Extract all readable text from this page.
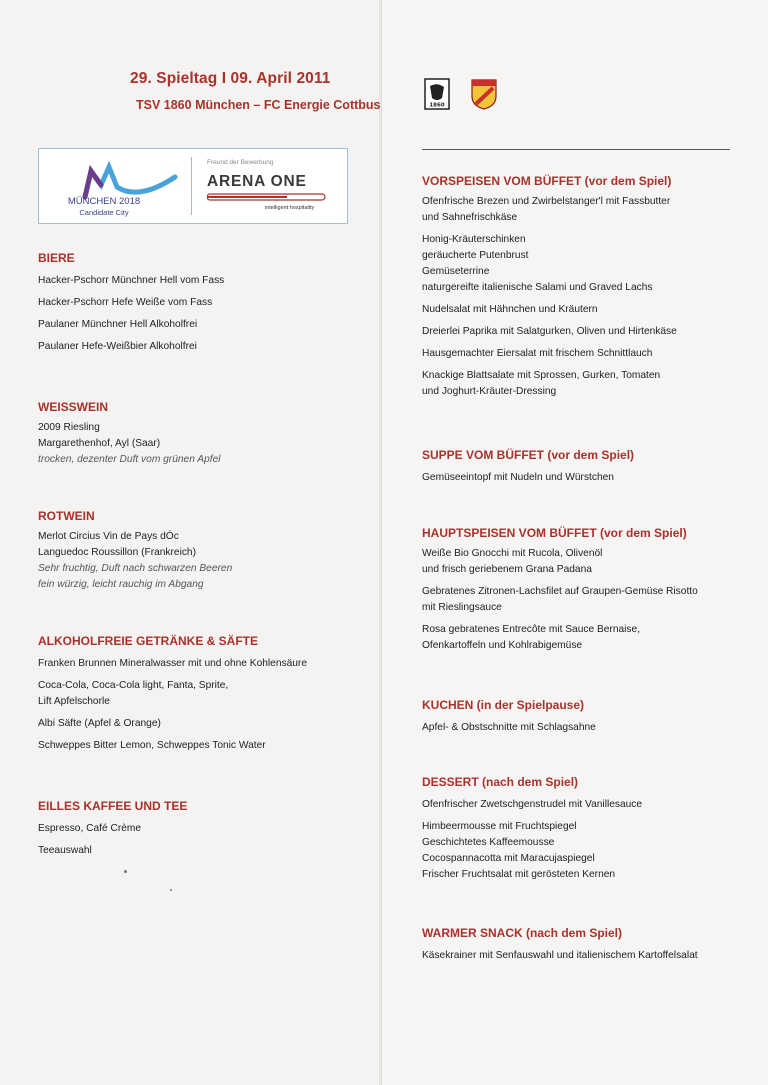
29. Spieltag I 09. April 2011
TSV 1860 München – FC Energie Cottbus
MÜNCHEN 2018
Candidate City
Freund der Bewerbung
ARENA ONE
intelligent hospitality
1860
BIERE
Hacker-Pschorr Münchner Hell vom Fass
Hacker-Pschorr Hefe Weiße vom Fass
Paulaner Münchner Hell Alkoholfrei
Paulaner Hefe-Weißbier Alkoholfrei
WEISSWEIN
2009 Riesling
Margarethenhof, Ayl (Saar)
trocken, dezenter Duft vom grünen Apfel
ROTWEIN
Merlot Circius Vin de Pays dÓc
Languedoc Roussillon (Frankreich)
Sehr fruchtig, Duft nach schwarzen Beeren
fein würzig, leicht rauchig im Abgang
ALKOHOLFREIE GETRÄNKE & SÄFTE
Franken Brunnen Mineralwasser mit und ohne Kohlensäure
Coca-Cola, Coca-Cola light, Fanta, Sprite,
Lift Apfelschorle
Albi Säfte (Apfel & Orange)
Schweppes Bitter Lemon, Schweppes Tonic Water
EILLES KAFFEE UND TEE
Espresso, Café Crème
Teeauswahl
VORSPEISEN VOM BÜFFET (vor dem Spiel)
Ofenfrische Brezen und Zwirbelstanger'l mit Fassbutter
und Sahnefrischkäse
Honig-Kräuterschinken
geräucherte Putenbrust
Gemüseterrine
naturgereifte italienische Salami und Graved Lachs
Nudelsalat mit Hähnchen und Kräutern
Dreierlei Paprika mit Salatgurken, Oliven und Hirtenkäse
Hausgemachter Eiersalat mit frischem Schnittlauch
Knackige Blattsalate mit Sprossen, Gurken, Tomaten
und Joghurt-Kräuter-Dressing
SUPPE VOM BÜFFET (vor dem Spiel)
Gemüseeintopf mit Nudeln und Würstchen
HAUPTSPEISEN VOM BÜFFET (vor dem Spiel)
Weiße Bio Gnocchi mit Rucola, Olivenöl
und frisch geriebenem Grana Padana
Gebratenes Zitronen-Lachsfilet auf Graupen-Gemüse Risotto
mit Rieslingsauce
Rosa gebratenes Entrecôte mit Sauce Bernaise,
Ofenkartoffeln und Kohlrabigemüse
KUCHEN (in der Spielpause)
Apfel- & Obstschnitte mit Schlagsahne
DESSERT (nach dem Spiel)
Ofenfrischer Zwetschgenstrudel mit Vanillesauce
Himbeermousse mit Fruchtspiegel
Geschichtetes Kaffeemousse
Cocospannacotta mit Maracujaspiegel
Frischer Fruchtsalat mit gerösteten Kernen
WARMER SNACK (nach dem Spiel)
Käsekrainer mit Senfauswahl und italienischem Kartoffelsalat
